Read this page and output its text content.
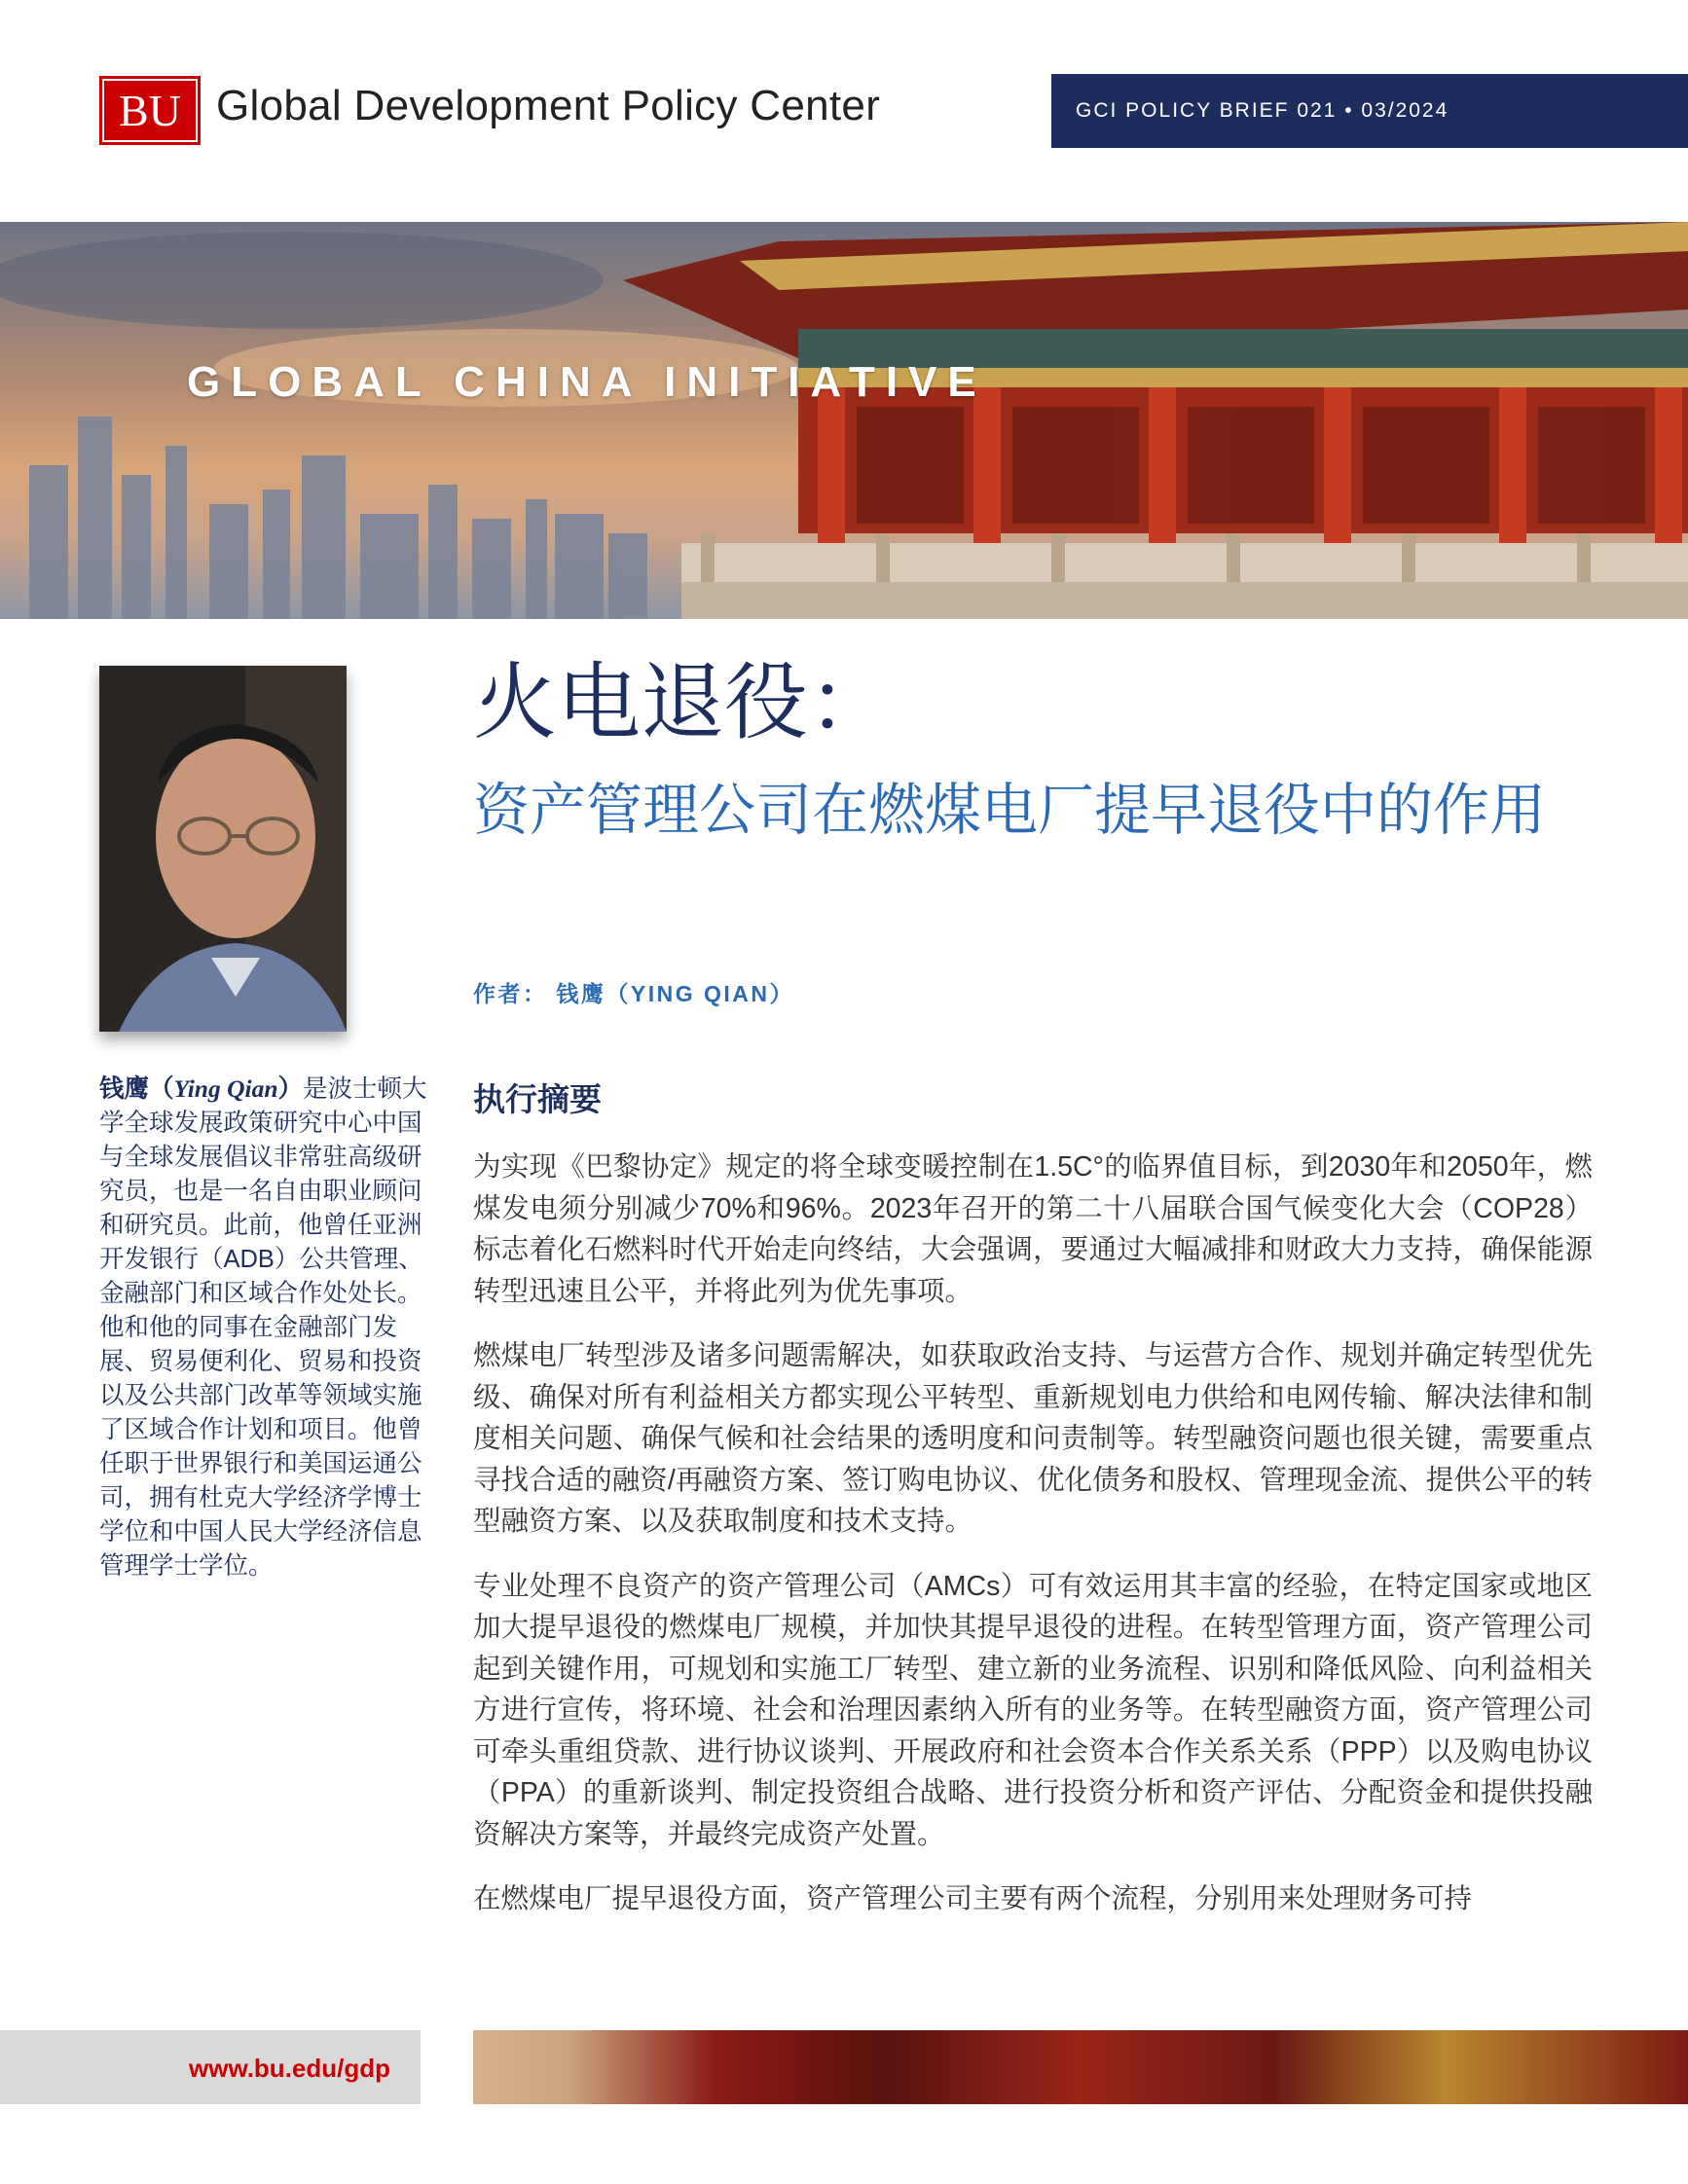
BU Global Development Policy Center	GCI POLICY BRIEF 021 • 03/2024
GLOBAL CHINA INITIATIVE
钱鹰（Ying Qian）是波士顿大学全球发展政策研究中心中国与全球发展倡议非常驻高级研究员，也是一名自由职业顾问和研究员。此前，他曾任亚洲开发银行（ADB）公共管理、金融部门和区域合作处处长。他和他的同事在金融部门发展、贸易便利化、贸易和投资以及公共部门改革等领域实施了区域合作计划和项目。他曾任职于世界银行和美国运通公司，拥有杜克大学经济学博士学位和中国人民大学经济信息管理学士学位。
火电退役：
资产管理公司在燃煤电厂提早退役中的作用
作者： 钱鹰（YING QIAN）
执行摘要

为实现《巴黎协定》规定的将全球变暖控制在1.5C°的临界值目标，到2030年和2050年，燃煤发电须分别减少70%和96%。2023年召开的第二十八届联合国气候变化大会（COP28）标志着化石燃料时代开始走向终结，大会强调，要通过大幅减排和财政大力支持，确保能源转型迅速且公平，并将此列为优先事项。

燃煤电厂转型涉及诸多问题需解决，如获取政治支持、与运营方合作、规划并确定转型优先级、确保对所有利益相关方都实现公平转型、重新规划电力供给和电网传输、解决法律和制度相关问题、确保气候和社会结果的透明度和问责制等。转型融资问题也很关键，需要重点寻找合适的融资/再融资方案、签订购电协议、优化债务和股权、管理现金流、提供公平的转型融资方案、以及获取制度和技术支持。

专业处理不良资产的资产管理公司（AMCs）可有效运用其丰富的经验，在特定国家或地区加大提早退役的燃煤电厂规模，并加快其提早退役的进程。在转型管理方面，资产管理公司起到关键作用，可规划和实施工厂转型、建立新的业务流程、识别和降低风险、向利益相关方进行宣传，将环境、社会和治理因素纳入所有的业务等。在转型融资方面，资产管理公司可牵头重组贷款、进行协议谈判、开展政府和社会资本合作关系关系（PPP）以及购电协议（PPA）的重新谈判、制定投资组合战略、进行投资分析和资产评估、分配资金和提供投融资解决方案等，并最终完成资产处置。

在燃煤电厂提早退役方面，资产管理公司主要有两个流程，分别用来处理财务可持

www.bu.edu/gdp
